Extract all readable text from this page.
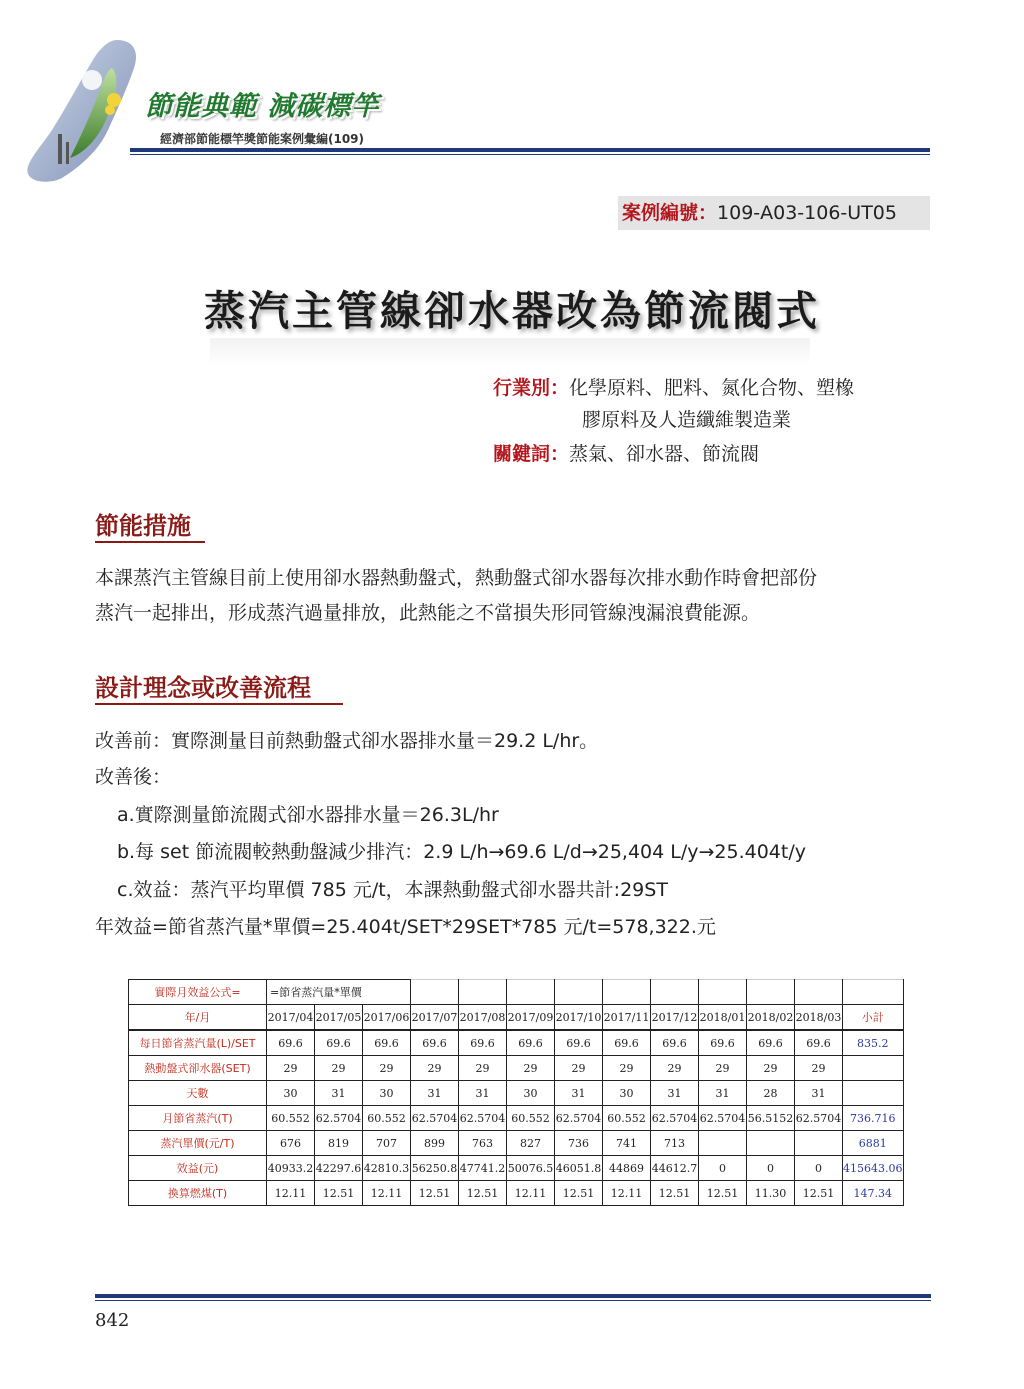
節能典範 減碳標竿
經濟部節能標竿獎節能案例彙編(109)
案例編號：109-A03-106-UT05
蒸汽主管線卻水器改為節流閥式
行業別：化學原料、肥料、氮化合物、塑橡
膠原料及人造纖維製造業
關鍵詞：蒸氣、卻水器、節流閥
節能措施
本課蒸汽主管線目前上使用卻水器熱動盤式，熱動盤式卻水器每次排水動作時會把部份
蒸汽一起排出，形成蒸汽過量排放，此熱能之不當損失形同管線洩漏浪費能源。
設計理念或改善流程
改善前：實際測量目前熱動盤式卻水器排水量＝29.2 L/hr。
改善後：
a.實際測量節流閥式卻水器排水量＝26.3L/hr
b.每 set 節流閥較熱動盤減少排汽：2.9 L/h→69.6 L/d→25,404 L/y→25.404t/y
c.效益：蒸汽平均單價 785 元/t，本課熱動盤式卻水器共計:29ST
年效益=節省蒸汽量*單價=25.404t/SET*29SET*785 元/t=578,322.元
實際月效益公式=	=節省蒸汽量*單價												
年/月	2017/04	2017/05	2017/06	2017/07	2017/08	2017/09	2017/10	2017/11	2017/12	2018/01	2018/02	2018/03	小計
每日節省蒸汽量(L)/SET	69.6	69.6	69.6	69.6	69.6	69.6	69.6	69.6	69.6	69.6	69.6	69.6	835.2
熱動盤式卻水器(SET)	29	29	29	29	29	29	29	29	29	29	29	29	
天數	30	31	30	31	31	30	31	30	31	31	28	31	
月節省蒸汽(T)	60.552	62.5704	60.552	62.5704	62.5704	60.552	62.5704	60.552	62.5704	62.5704	56.5152	62.5704	736.716
蒸汽單價(元/T)	676	819	707	899	763	827	736	741	713				6881
效益(元)	40933.2	42297.6	42810.3	56250.8	47741.2	50076.5	46051.8	44869	44612.7	0	0	0	415643.06
換算燃煤(T)	12.11	12.51	12.11	12.51	12.51	12.11	12.51	12.11	12.51	12.51	11.30	12.51	147.34
842
